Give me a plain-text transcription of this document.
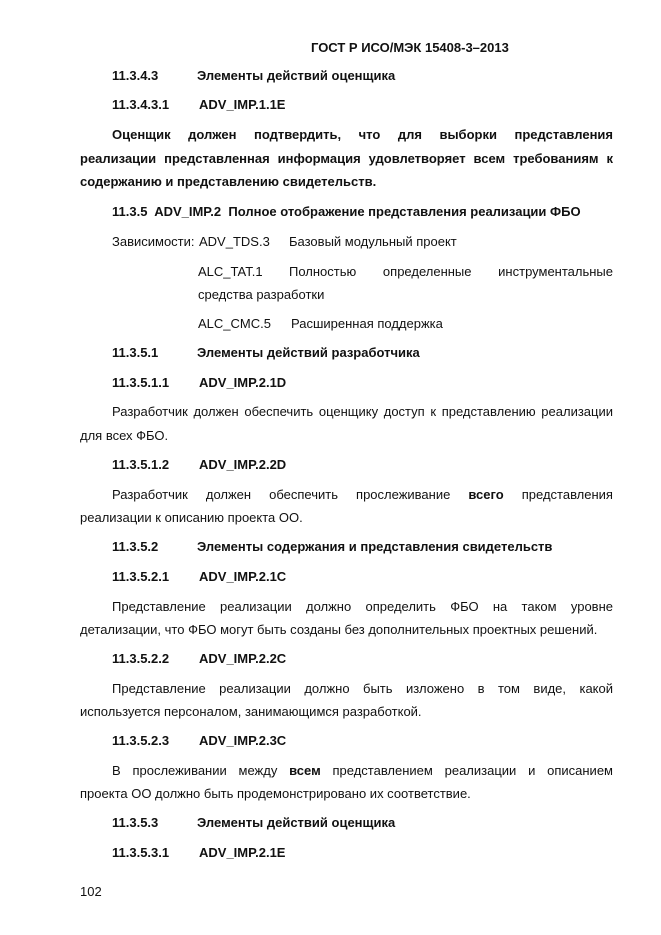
ГОСТ Р ИСО/МЭК 15408-3–2013
11.3.4.3	Элементы действий оценщика
11.3.4.3.1 ADV_IMP.1.1E
Оценщик должен подтвердить, что для выборки представления
реализации представленная информация удовлетворяет всем требованиям к
содержанию и представлению свидетельств.
11.3.5 ADV_IMP.2 Полное отображение представления реализации ФБО
Зависимости: ADV_TDS.3 Базовый модульный проект
ALC_TAT.1 Полностью определенные инструментальные
средства разработки
ALC_CMC.5 Расширенная поддержка
11.3.5.1	Элементы действий разработчика
11.3.5.1.1 ADV_IMP.2.1D
Разработчик должен обеспечить оценщику доступ к представлению реализации
для всех ФБО.
11.3.5.1.2 ADV_IMP.2.2D
Разработчик должен обеспечить прослеживание всего представления
реализации к описанию проекта ОО.
11.3.5.2	Элементы содержания и представления свидетельств
11.3.5.2.1 ADV_IMP.2.1C
Представление реализации должно определить ФБО на таком уровне
детализации, что ФБО могут быть созданы без дополнительных проектных решений.
11.3.5.2.2 ADV_IMP.2.2C
Представление реализации должно быть изложено в том виде, какой
используется персоналом, занимающимся разработкой.
11.3.5.2.3 ADV_IMP.2.3C
В прослеживании между всем представлением реализации и описанием
проекта ОО должно быть продемонстрировано их соответствие.
11.3.5.3	Элементы действий оценщика
11.3.5.3.1 ADV_IMP.2.1E
102
